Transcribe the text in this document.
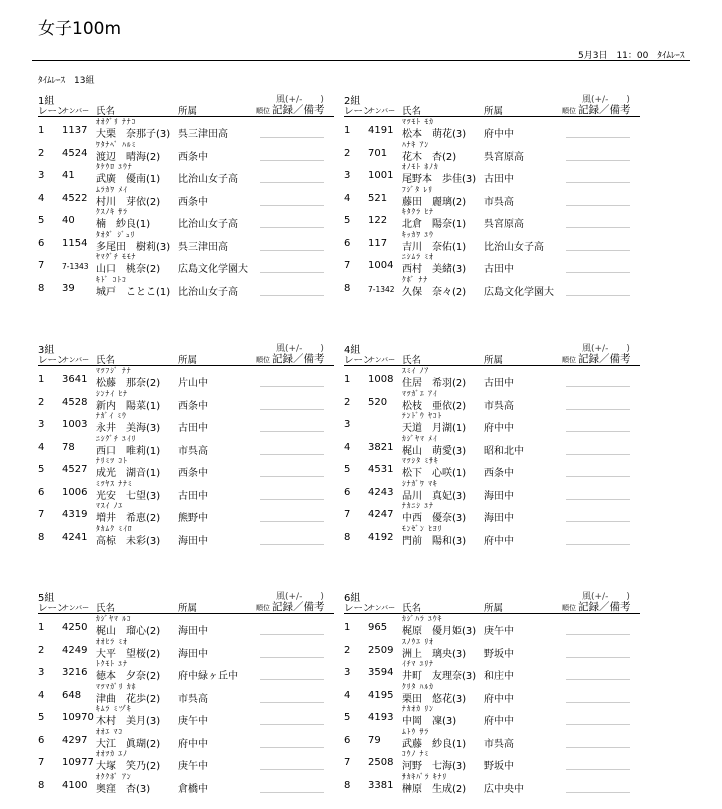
女子100m
5月3日　11：00　ﾀｲﾑﾚｰｽ
ﾀｲﾑﾚｰｽ　13組
1組	風(+/-　　)
レーン
ナンバー 氏名	所属	順位 記録／備考
ｵｵｸﾞﾘ ﾅﾅｺ
1 1137 大栗　奈那子(3) 呉三津田高
ﾜﾀﾅﾍﾞ ﾊﾙﾐ
2 4524 渡辺　晴海(2) 西条中
ﾀｹｳﾛ ﾕｳﾅ
3 41 武廣　優南(1) 比治山女子高
ﾑﾗｶﾜ ﾒｲ
4 4522 村川　芽依(2) 西条中
ｸｽﾉｷ ｻﾗ
5 40 楠　紗良(1)	比治山女子高
ﾀｵﾀﾞ ｼﾞｭﾘ
6 1154 多尾田　樹莉(3) 呉三津田高
ﾔﾏｸﾞﾁ ﾓﾓﾅ
7 7-1343 山口　桃奈(2) 広島文化学園大
ｷﾄﾞ ｺﾄｺ
8 39 城戸　ことこ(1) 比治山女子高
2組	風(+/-　　)
レーン
ナンバー 氏名	所属	順位 記録／備考
ﾏﾂﾓﾄ ﾓｶ
1 4191 松本　萌花(3) 府中中
ﾊﾅｷ ｱﾝ
2 701 花木　杏(2)	呉宮原高
ｵﾉﾓﾄ ﾎﾉｶ
3 1001 尾野本　歩佳(3) 古田中
ﾌｼﾞﾀ ﾚﾘ
4 521 藤田　麗璃(2) 市呉高
ｷﾀｸﾗ ﾋﾅ
5 122 北倉　陽奈(1) 呉宮原高
ｷｯｶﾜ ﾕｳ
6 117 吉川　奈佑(1) 比治山女子高
ﾆｼﾑﾗ ﾐｵ
7 1004 西村　美緒(3) 古田中
ｸﾎﾞ ﾅﾅ
8 7-1342 久保　奈々(2) 広島文化学園大
3組	風(+/-　　)
レーン
ナンバー 氏名	所属	順位 記録／備考
ﾏﾂﾌｼﾞ ﾅﾅ
1 3641 松藤　那奈(2) 片山中
ｼﾝﾅｲ ﾋﾅ
2 4528 新内　陽菜(1) 西条中
ﾅｶﾞｲ ﾐｳ
3 1003 永井　美海(3) 古田中
ﾆｼｸﾞﾁ ﾕｲﾘ
4 78 西口　唯莉(1) 市呉高
ﾅﾘﾐﾂ ｺﾄ
5 4527 成光　湖音(1) 西条中
ﾐﾂﾔｽ ﾅﾅﾐ
6 1006 光安　七望(3) 古田中
ﾏｽｲ ﾉｴ
7 4319 増井　希恵(2) 熊野中
ﾀｶﾑｸ ﾐｲﾛ
8 4241 高椋　未彩(3) 海田中
4組	風(+/-　　)
レーン
ナンバー 氏名	所属	順位 記録／備考
ｽﾐｲ ﾉｱ
1 1008 住居　希羽(2) 古田中
ﾏﾂｶﾞｴ ｱｲ
2 520 松枝　亜依(2) 市呉高
ﾃﾝﾄﾞｳ ﾔｺﾄ
3	天道　月湖(1) 府中中
ｶｼﾞﾔﾏ ﾒｲ
4 3821 梶山　萌愛(3) 昭和北中
ﾏﾂｼﾀ ﾐｻｷ
5 4531 松下　心咲(1) 西条中
ｼﾅｶﾞﾜ ﾏｷ
6 4243 品川　真妃(3) 海田中
ﾅｶﾆｼ ﾕﾅ
7 4247 中西　優奈(3) 海田中
ﾓﾝｾﾞﾝ ﾋﾖﾘ
8 4192 門前　陽和(3) 府中中
5組	風(+/-　　)
レーン
ナンバー 氏名	所属	順位 記録／備考
ｶｼﾞﾔﾏ ﾙｺ
1 4250 梶山　瑠心(2) 海田中
ｵｵﾋﾗ ﾐｵ
2 4249 大平　望桜(2) 海田中
ﾄｸﾓﾄ ﾕﾅ
3 3216 徳本　夕奈(2) 府中緑ヶ丘中
ﾏﾂﾏｶﾞﾘ ｶﾎ
4 648 津曲　花歩(2) 市呉高
ｷﾑﾗ ﾐヅｷ
5 10970 木村　美月(3) 庚午中
ｵｵｴ ﾏｺ
6 4297 大江　眞瑚(2) 府中中
ｵｵﾂｶ ｴﾉ
7 10977 大塚　笑乃(2) 庚午中
ｵｸｸﾎﾞ ｱﾝ
8 4100 奥窪　杏(3)	倉橋中
6組	風(+/-　　)
レーン
ナンバー 氏名	所属	順位 記録／備考
ｶｼﾞﾊﾗ ﾕｳｷ
1 965 梶原　優月姫(3) 庚午中
ｽﾉｳｴ ﾘｵ
2 2509 洲上　璃央(3) 野坂中
ｲﾁﾏ ﾕﾘﾅ
3 3594 井町　友理奈(3) 和庄中
ｸﾘﾀ ﾊﾙｶ
4 4195 栗田　悠花(3) 府中中
ﾅｶｵｶ ﾘﾝ
5 4193 中岡　凜(3)	府中中
ﾑﾄｳ ｻﾗ
6 79 武藤　紗良(1) 市呉高
ｺｳﾉ ﾅﾐ
7 2508 河野　七海(3) 野坂中
ｻｶｷﾊﾞﾗ ｷﾅﾘ
8 3381 榊原　生成(2) 広中央中
